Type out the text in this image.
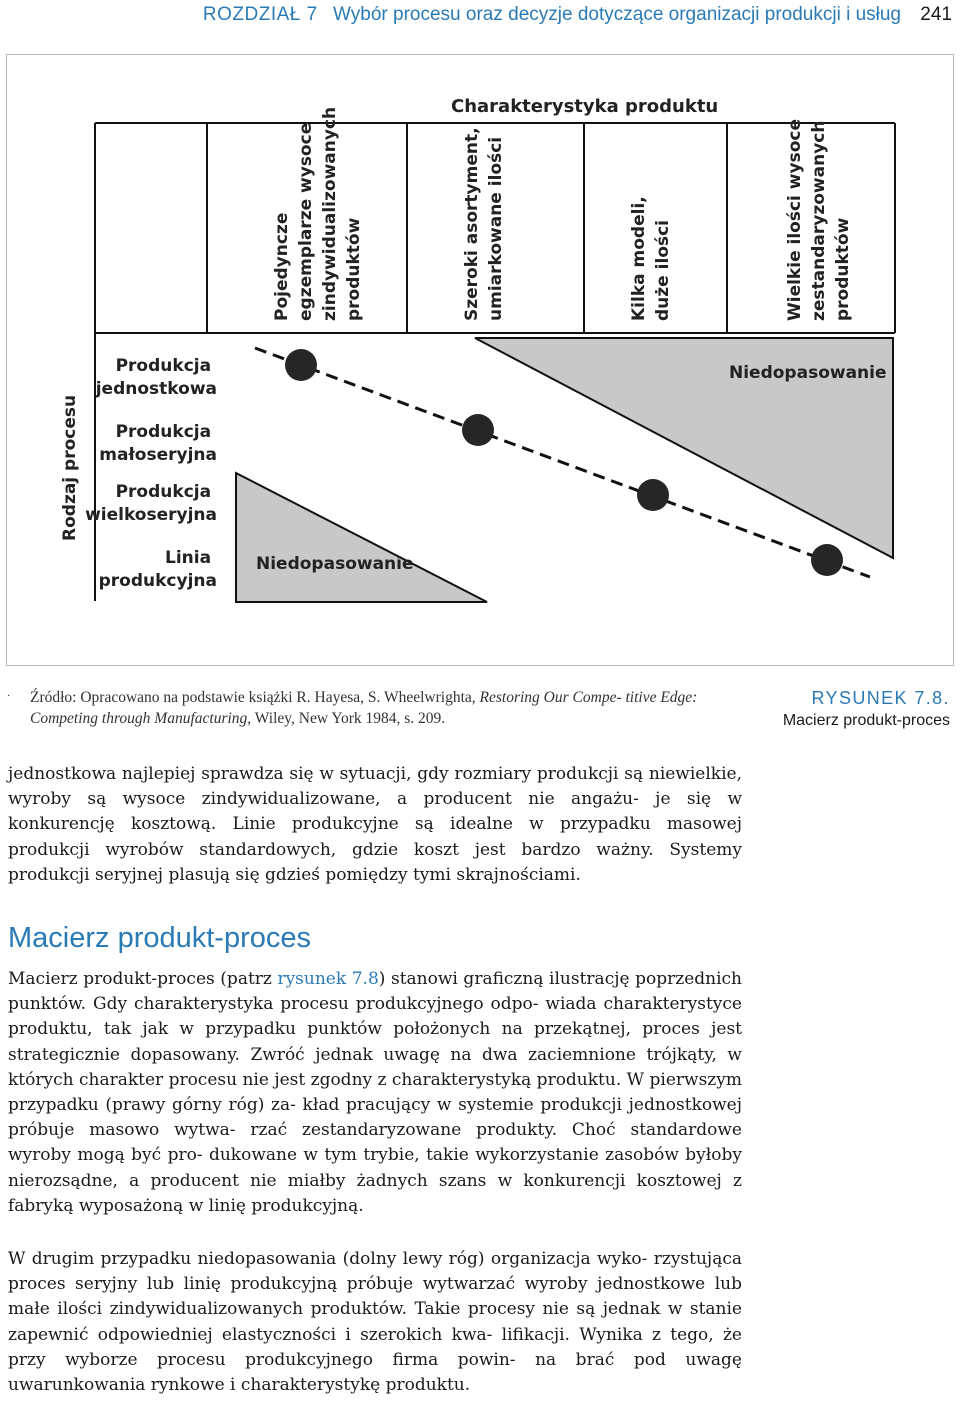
ROZDZIAŁ 7 Wybór procesu oraz decyzje dotyczące organizacji produkcji i usług 241
Charakterystyka produktu
Rodzaj procesu
Pojedyncze egzemplarze wysoce zindywidualizowanych produktów	Szeroki asortyment, umiarkowane ilości	Kilka modeli, duże ilości	Wielkie ilości wysoce zestandaryzowanych produktów
Produkcja jednostkowa
Produkcja małoseryjna
Produkcja wielkoseryjna
Linia produkcyjna
Niedopasowanie
Niedopasowanie
. Źródło: Opracowano na podstawie książki R. Hayesa, S. Wheelwrighta, Restoring Our Compe- titive Edge: Competing through Manufacturing, Wiley, New York 1984, s. 209.
RYSUNEK 7.8.
Macierz produkt-proces

jednostkowa najlepiej sprawdza się w sytuacji, gdy rozmiary produkcji są niewielkie, wyroby są wysoce zindywidualizowane, a producent nie angażu- je się w konkurencję kosztową. Linie produkcyjne są idealne w przypadku masowej produkcji wyrobów standardowych, gdzie koszt jest bardzo ważny. Systemy produkcji seryjnej plasują się gdzieś pomiędzy tymi skrajnościami.

Macierz produkt-proces

Macierz produkt-proces (patrz rysunek 7.8) stanowi graficzną ilustrację poprzednich punktów. Gdy charakterystyka procesu produkcyjnego odpo- wiada charakterystyce produktu, tak jak w przypadku punktów położonych na przekątnej, proces jest strategicznie dopasowany. Zwróć jednak uwagę na dwa zaciemnione trójkąty, w których charakter procesu nie jest zgodny z charakterystyką produktu. W pierwszym przypadku (prawy górny róg) za- kład pracujący w systemie produkcji jednostkowej próbuje masowo wytwa- rzać zestandaryzowane produkty. Choć standardowe wyroby mogą być pro- dukowane w tym trybie, takie wykorzystanie zasobów byłoby nierozsądne, a producent nie miałby żadnych szans w konkurencji kosztowej z fabryką wyposażoną w linię produkcyjną.

W drugim przypadku niedopasowania (dolny lewy róg) organizacja wyko- rzystująca proces seryjny lub linię produkcyjną próbuje wytwarzać wyroby jednostkowe lub małe ilości zindywidualizowanych produktów. Takie procesy nie są jednak w stanie zapewnić odpowiedniej elastyczności i szerokich kwa- lifikacji. Wynika z tego, że przy wyborze procesu produkcyjnego firma powin- na brać pod uwagę uwarunkowania rynkowe i charakterystykę produktu.
